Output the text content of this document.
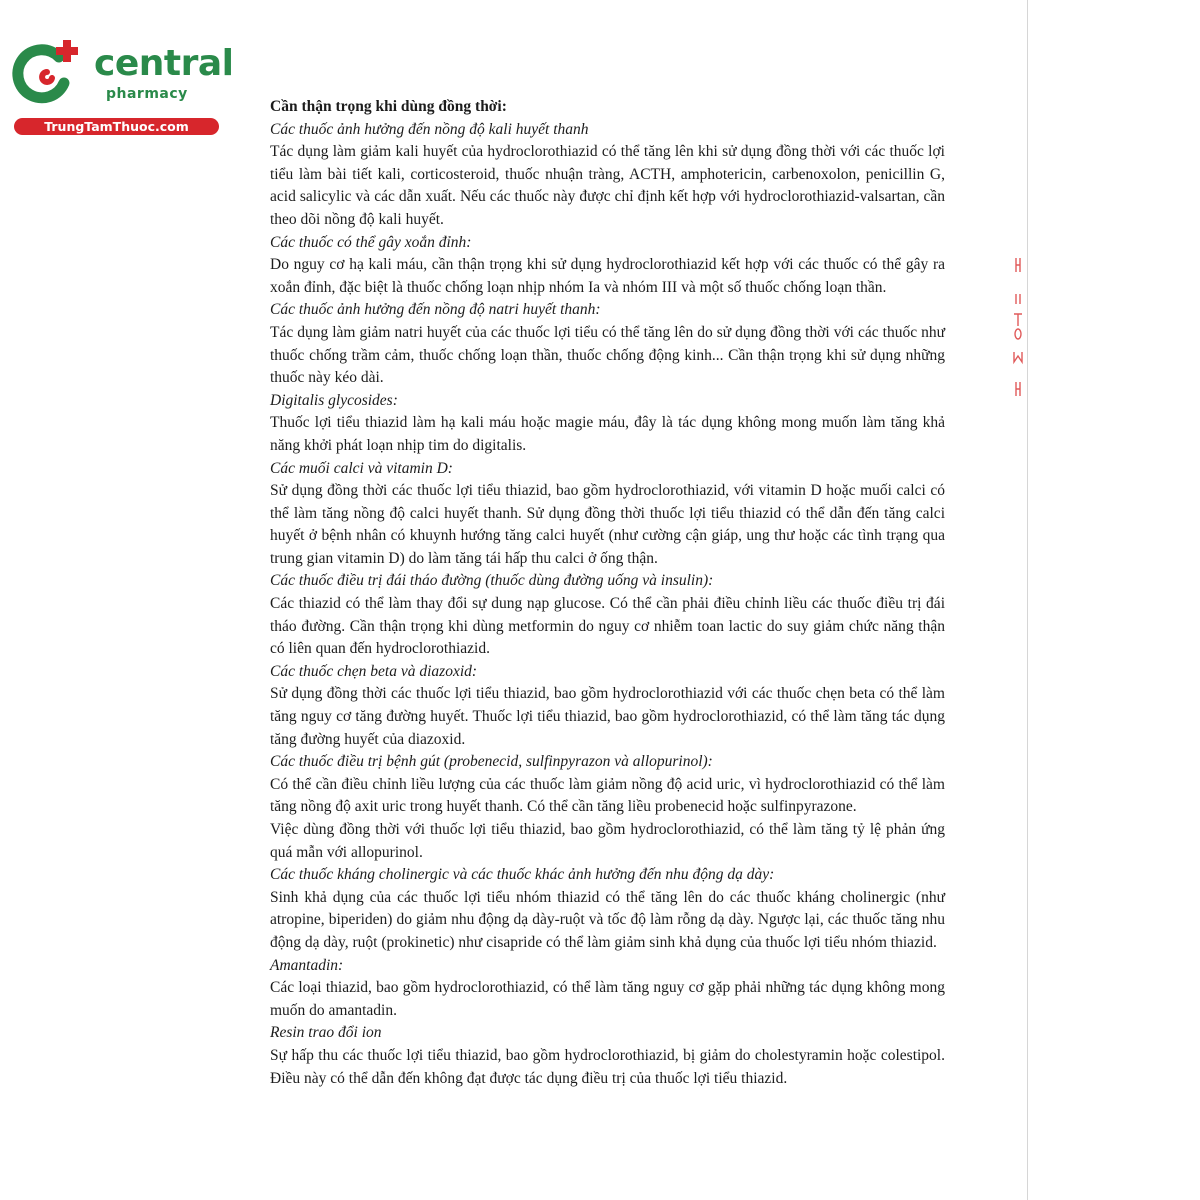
central
pharmacy
TrungTamThuoc.com

Cần thận trọng khi dùng đồng thời:

Các thuốc ảnh hưởng đến nồng độ kali huyết thanh

Tác dụng làm giảm kali huyết của hydroclorothiazid có thể tăng lên khi sử dụng đồng thời với các thuốc lợi tiểu làm bài tiết kali, corticosteroid, thuốc nhuận tràng, ACTH, amphotericin, carbenoxolon, penicillin G, acid salicylic và các dẫn xuất. Nếu các thuốc này được chỉ định kết hợp với hydroclorothiazid-valsartan, cần theo dõi nồng độ kali huyết.

Các thuốc có thể gây xoắn đỉnh:

Do nguy cơ hạ kali máu, cần thận trọng khi sử dụng hydroclorothiazid kết hợp với các thuốc có thể gây ra xoắn đỉnh, đặc biệt là thuốc chống loạn nhịp nhóm Ia và nhóm III và một số thuốc chống loạn thần.

Các thuốc ảnh hưởng đến nồng độ natri huyết thanh:

Tác dụng làm giảm natri huyết của các thuốc lợi tiểu có thể tăng lên do sử dụng đồng thời với các thuốc như thuốc chống trầm cảm, thuốc chống loạn thần, thuốc chống động kinh... Cần thận trọng khi sử dụng những thuốc này kéo dài.

Digitalis glycosides:

Thuốc lợi tiểu thiazid làm hạ kali máu hoặc magie máu, đây là tác dụng không mong muốn làm tăng khả năng khởi phát loạn nhịp tim do digitalis.

Các muối calci và vitamin D:

Sử dụng đồng thời các thuốc lợi tiểu thiazid, bao gồm hydroclorothiazid, với vitamin D hoặc muối calci có thể làm tăng nồng độ calci huyết thanh. Sử dụng đồng thời thuốc lợi tiểu thiazid có thể dẫn đến tăng calci huyết ở bệnh nhân có khuynh hướng tăng calci huyết (như cường cận giáp, ung thư hoặc các tình trạng qua trung gian vitamin D) do làm tăng tái hấp thu calci ở ống thận.

Các thuốc điều trị đái tháo đường (thuốc dùng đường uống và insulin):

Các thiazid có thể làm thay đổi sự dung nạp glucose. Có thể cần phải điều chỉnh liều các thuốc điều trị đái tháo đường. Cần thận trọng khi dùng metformin do nguy cơ nhiễm toan lactic do suy giảm chức năng thận có liên quan đến hydroclorothiazid.

Các thuốc chẹn beta và diazoxid:

Sử dụng đồng thời các thuốc lợi tiểu thiazid, bao gồm hydroclorothiazid với các thuốc chẹn beta có thể làm tăng nguy cơ tăng đường huyết. Thuốc lợi tiểu thiazid, bao gồm hydroclorothiazid, có thể làm tăng tác dụng tăng đường huyết của diazoxid.

Các thuốc điều trị bệnh gút (probenecid, sulfinpyrazon và allopurinol):

Có thể cần điều chỉnh liều lượng của các thuốc làm giảm nồng độ acid uric, vì hydroclorothiazid có thể làm tăng nồng độ axit uric trong huyết thanh. Có thể cần tăng liều probenecid hoặc sulfinpyrazone.

Việc dùng đồng thời với thuốc lợi tiểu thiazid, bao gồm hydroclorothiazid, có thể làm tăng tỷ lệ phản ứng quá mẫn với allopurinol.

Các thuốc kháng cholinergic và các thuốc khác ảnh hưởng đến nhu động dạ dày:

Sinh khả dụng của các thuốc lợi tiểu nhóm thiazid có thể tăng lên do các thuốc kháng cholinergic (như atropine, biperiden) do giảm nhu động dạ dày-ruột và tốc độ làm rỗng dạ dày. Ngược lại, các thuốc tăng nhu động dạ dày, ruột (prokinetic) như cisapride có thể làm giảm sinh khả dụng của thuốc lợi tiểu nhóm thiazid.

Amantadin:

Các loại thiazid, bao gồm hydroclorothiazid, có thể làm tăng nguy cơ gặp phải những tác dụng không mong muốn do amantadin.

Resin trao đổi ion

Sự hấp thu các thuốc lợi tiểu thiazid, bao gồm hydroclorothiazid, bị giảm do cholestyramin hoặc colestipol. Điều này có thể dẫn đến không đạt được tác dụng điều trị của thuốc lợi tiểu thiazid.
